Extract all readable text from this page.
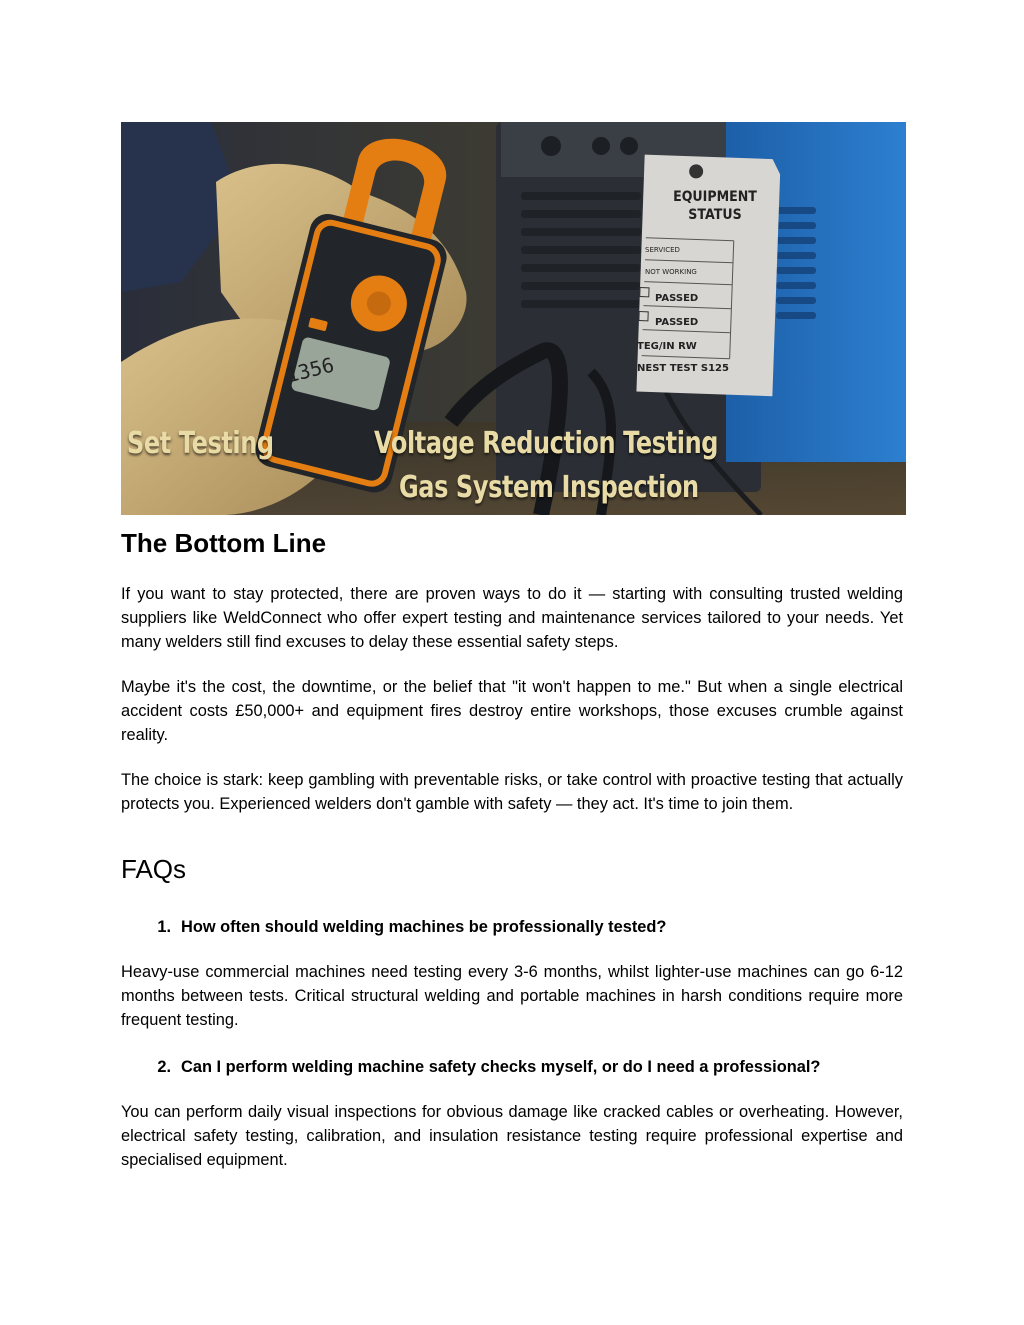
1356
EQUIPMENT
STATUS
SERVICED
NOT WORKING
PASSED
PASSED
TEG/IN RW
NEST TEST S125
Set Testing	Voltage Reduction Testing
Gas System Inspection
The Bottom Line

If you want to stay protected, there are proven ways to do it — starting with consulting trusted welding suppliers like WeldConnect who offer expert testing and maintenance services tailored to your needs. Yet many welders still find excuses to delay these essential safety steps.

Maybe it's the cost, the downtime, or the belief that "it won't happen to me." But when a single electrical accident costs £50,000+ and equipment fires destroy entire workshops, those excuses crumble against reality.

The choice is stark: keep gambling with preventable risks, or take control with proactive testing that actually protects you. Experienced welders don't gamble with safety — they act. It's time to join them.

FAQs
1. How often should welding machines be professionally tested?

Heavy-use commercial machines need testing every 3-6 months, whilst lighter-use machines can go 6-12 months between tests. Critical structural welding and portable machines in harsh conditions require more frequent testing.

2. Can I perform welding machine safety checks myself, or do I need a professional?

You can perform daily visual inspections for obvious damage like cracked cables or overheating. However, electrical safety testing, calibration, and insulation resistance testing require professional expertise and specialised equipment.
